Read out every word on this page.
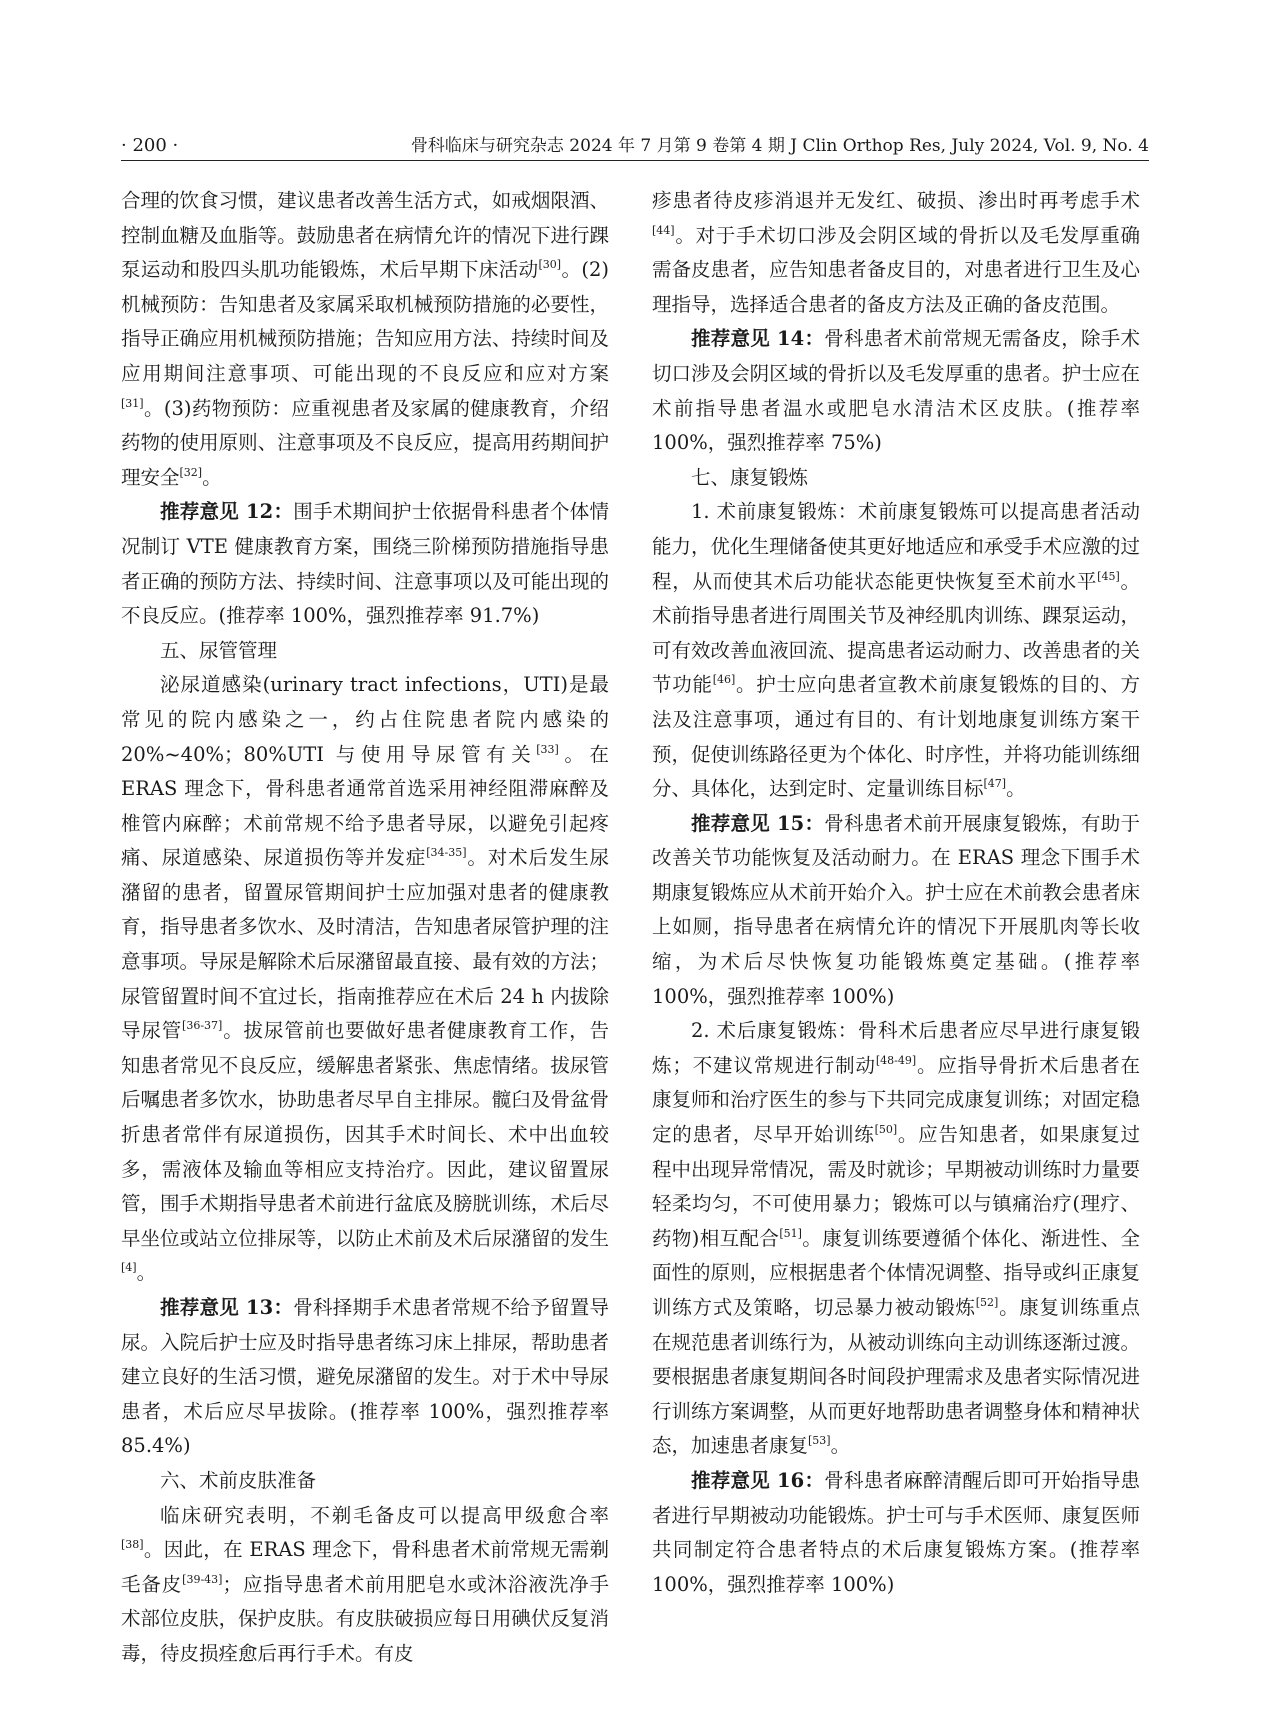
· 200 ·	骨科临床与研究杂志 2024 年 7 月第 9 卷第 4 期 J Clin Orthop Res, July 2024, Vol. 9, No. 4

合理的饮食习惯，建议患者改善生活方式，如戒烟限酒、控制血糖及血脂等。鼓励患者在病情允许的情况下进行踝泵运动和股四头肌功能锻炼，术后早期下床活动[30]。(2)机械预防：告知患者及家属采取机械预防措施的必要性，指导正确应用机械预防措施；告知应用方法、持续时间及应用期间注意事项、可能出现的不良反应和应对方案[31]。(3)药物预防：应重视患者及家属的健康教育，介绍药物的使用原则、注意事项及不良反应，提高用药期间护理安全[32]。

推荐意见 12：围手术期间护士依据骨科患者个体情况制订 VTE 健康教育方案，围绕三阶梯预防措施指导患者正确的预防方法、持续时间、注意事项以及可能出现的不良反应。(推荐率 100%，强烈推荐率 91.7%)

五、尿管管理

泌尿道感染(urinary tract infections，UTI)是最常见的院内感染之一，约占住院患者院内感染的 20%~40%；80%UTI 与使用导尿管有关[33]。在 ERAS 理念下，骨科患者通常首选采用神经阻滞麻醉及椎管内麻醉；术前常规不给予患者导尿，以避免引起疼痛、尿道感染、尿道损伤等并发症[34-35]。对术后发生尿潴留的患者，留置尿管期间护士应加强对患者的健康教育，指导患者多饮水、及时清洁，告知患者尿管护理的注意事项。导尿是解除术后尿潴留最直接、最有效的方法；尿管留置时间不宜过长，指南推荐应在术后 24 h 内拔除导尿管[36-37]。拔尿管前也要做好患者健康教育工作，告知患者常见不良反应，缓解患者紧张、焦虑情绪。拔尿管后嘱患者多饮水，协助患者尽早自主排尿。髋臼及骨盆骨折患者常伴有尿道损伤，因其手术时间长、术中出血较多，需液体及输血等相应支持治疗。因此，建议留置尿管，围手术期指导患者术前进行盆底及膀胱训练，术后尽早坐位或站立位排尿等，以防止术前及术后尿潴留的发生[4]。

推荐意见 13：骨科择期手术患者常规不给予留置导尿。入院后护士应及时指导患者练习床上排尿，帮助患者建立良好的生活习惯，避免尿潴留的发生。对于术中导尿患者，术后应尽早拔除。(推荐率 100%，强烈推荐率 85.4%)

六、术前皮肤准备

临床研究表明，不剃毛备皮可以提高甲级愈合率[38]。因此，在 ERAS 理念下，骨科患者术前常规无需剃毛备皮[39-43]；应指导患者术前用肥皂水或沐浴液洗净手术部位皮肤，保护皮肤。有皮肤破损应每日用碘伏反复消毒，待皮损痊愈后再行手术。有皮

疹患者待皮疹消退并无发红、破损、渗出时再考虑手术[44]。对于手术切口涉及会阴区域的骨折以及毛发厚重确需备皮患者，应告知患者备皮目的，对患者进行卫生及心理指导，选择适合患者的备皮方法及正确的备皮范围。

推荐意见 14：骨科患者术前常规无需备皮，除手术切口涉及会阴区域的骨折以及毛发厚重的患者。护士应在术前指导患者温水或肥皂水清洁术区皮肤。(推荐率 100%，强烈推荐率 75%)

七、康复锻炼

1. 术前康复锻炼：术前康复锻炼可以提高患者活动能力，优化生理储备使其更好地适应和承受手术应激的过程，从而使其术后功能状态能更快恢复至术前水平[45]。术前指导患者进行周围关节及神经肌肉训练、踝泵运动，可有效改善血液回流、提高患者运动耐力、改善患者的关节功能[46]。护士应向患者宣教术前康复锻炼的目的、方法及注意事项，通过有目的、有计划地康复训练方案干预，促使训练路径更为个体化、时序性，并将功能训练细分、具体化，达到定时、定量训练目标[47]。

推荐意见 15：骨科患者术前开展康复锻炼，有助于改善关节功能恢复及活动耐力。在 ERAS 理念下围手术期康复锻炼应从术前开始介入。护士应在术前教会患者床上如厕，指导患者在病情允许的情况下开展肌肉等长收缩，为术后尽快恢复功能锻炼奠定基础。(推荐率 100%，强烈推荐率 100%)

2. 术后康复锻炼：骨科术后患者应尽早进行康复锻炼；不建议常规进行制动[48-49]。应指导骨折术后患者在康复师和治疗医生的参与下共同完成康复训练；对固定稳定的患者，尽早开始训练[50]。应告知患者，如果康复过程中出现异常情况，需及时就诊；早期被动训练时力量要轻柔均匀，不可使用暴力；锻炼可以与镇痛治疗(理疗、药物)相互配合[51]。康复训练要遵循个体化、渐进性、全面性的原则，应根据患者个体情况调整、指导或纠正康复训练方式及策略，切忌暴力被动锻炼[52]。康复训练重点在规范患者训练行为，从被动训练向主动训练逐渐过渡。要根据患者康复期间各时间段护理需求及患者实际情况进行训练方案调整，从而更好地帮助患者调整身体和精神状态，加速患者康复[53]。

推荐意见 16：骨科患者麻醉清醒后即可开始指导患者进行早期被动功能锻炼。护士可与手术医师、康复医师共同制定符合患者特点的术后康复锻炼方案。(推荐率 100%，强烈推荐率 100%)
